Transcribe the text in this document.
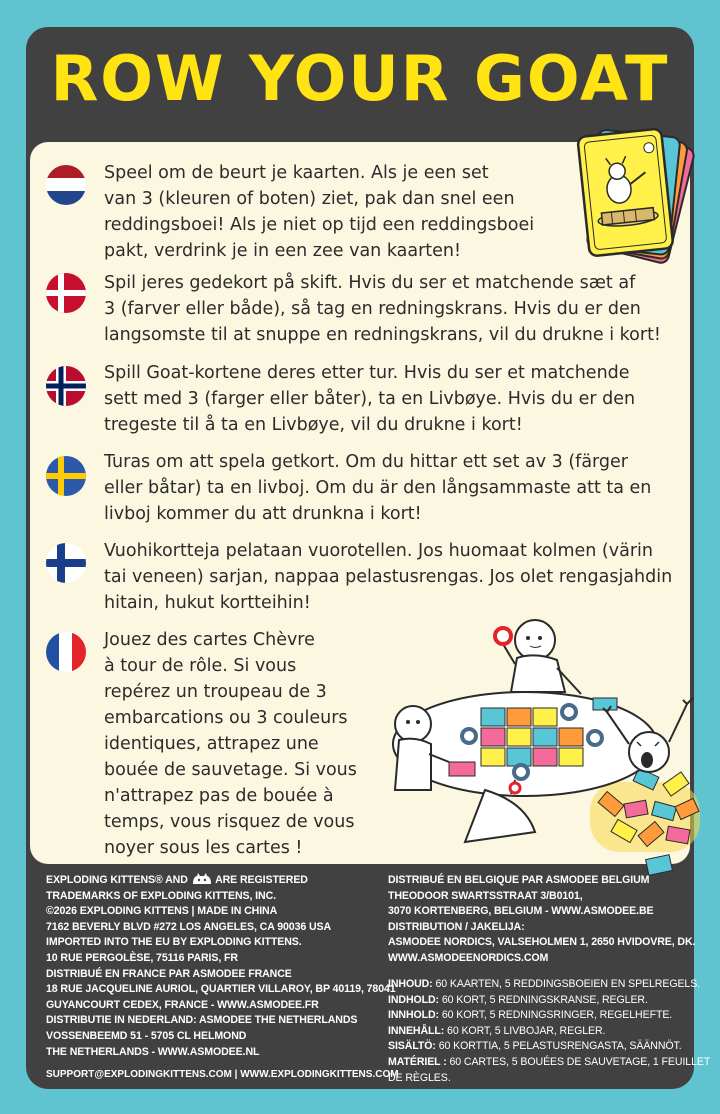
ROW YOUR GOAT
Speel om de beurt je kaarten. Als je een set
van 3 (kleuren of boten) ziet, pak dan snel een
reddingsboei! Als je niet op tijd een reddingsboei
pakt, verdrink je in een zee van kaarten!
Spil jeres gedekort på skift. Hvis du ser et matchende sæt af
3 (farver eller både), så tag en redningskrans. Hvis du er den
langsomste til at snuppe en redningskrans, vil du drukne i kort!
Spill Goat-kortene deres etter tur. Hvis du ser et matchende
sett med 3 (farger eller båter), ta en Livbøye. Hvis du er den
tregeste til å ta en Livbøye, vil du drukne i kort!
Turas om att spela getkort. Om du hittar ett set av 3 (färger
eller båtar) ta en livboj. Om du är den långsammaste att ta en
livboj kommer du att drunkna i kort!
Vuohikortteja pelataan vuorotellen. Jos huomaat kolmen (värin
tai veneen) sarjan, nappaa pelastusrengas. Jos olet rengasjahdin
hitain, hukut kortteihin!
Jouez des cartes Chèvre
à tour de rôle. Si vous
repérez un troupeau de 3
embarcations ou 3 couleurs
identiques, attrapez une
bouée de sauvetage. Si vous
n'attrapez pas de bouée à
temps, vous risquez de vous
noyer sous les cartes !
EXPLODING KITTENS® AND	ARE REGISTERED
TRADEMARKS OF EXPLODING KITTENS, INC.
©2026 EXPLODING KITTENS | MADE IN CHINA
7162 BEVERLY BLVD #272 LOS ANGELES, CA 90036 USA
IMPORTED INTO THE EU BY EXPLODING KITTENS.
10 RUE PERGOLÈSE, 75116 PARIS, FR
DISTRIBUÉ EN FRANCE PAR ASMODEE FRANCE
18 RUE JACQUELINE AURIOL, QUARTIER VILLAROY, BP 40119, 78041
GUYANCOURT CEDEX, FRANCE - WWW.ASMODEE.FR
DISTRIBUTIE IN NEDERLAND: ASMODEE THE NETHERLANDS
VOSSENBEEMD 51 - 5705 CL HELMOND
THE NETHERLANDS - WWW.ASMODEE.NL
SUPPORT@EXPLODINGKITTENS.COM | WWW.EXPLODINGKITTENS.COM
DISTRIBUÉ EN BELGIQUE PAR ASMODEE BELGIUM
THEODOOR SWARTSSTRAAT 3/B0101,
3070 KORTENBERG, BELGIUM - WWW.ASMODEE.BE
DISTRIBUTION / JAKELIJA:
ASMODEE NORDICS, VALSEHOLMEN 1, 2650 HVIDOVRE, DK.
WWW.ASMODEENORDICS.COM
INHOUD: 60 KAARTEN, 5 REDDINGSBOEIEN EN SPELREGELS.
INDHOLD: 60 KORT, 5 REDNINGSKRANSE, REGLER.
INNHOLD: 60 KORT, 5 REDNINGSRINGER, REGELHEFTE.
INNEHÅLL: 60 KORT, 5 LIVBOJAR, REGLER.
SISÄLTÖ: 60 KORTTIA, 5 PELASTUSRENGASTA, SÄÄNNÖT.
MATÉRIEL : 60 CARTES, 5 BOUÉES DE SAUVETAGE, 1 FEUILLET
DE RÈGLES.
